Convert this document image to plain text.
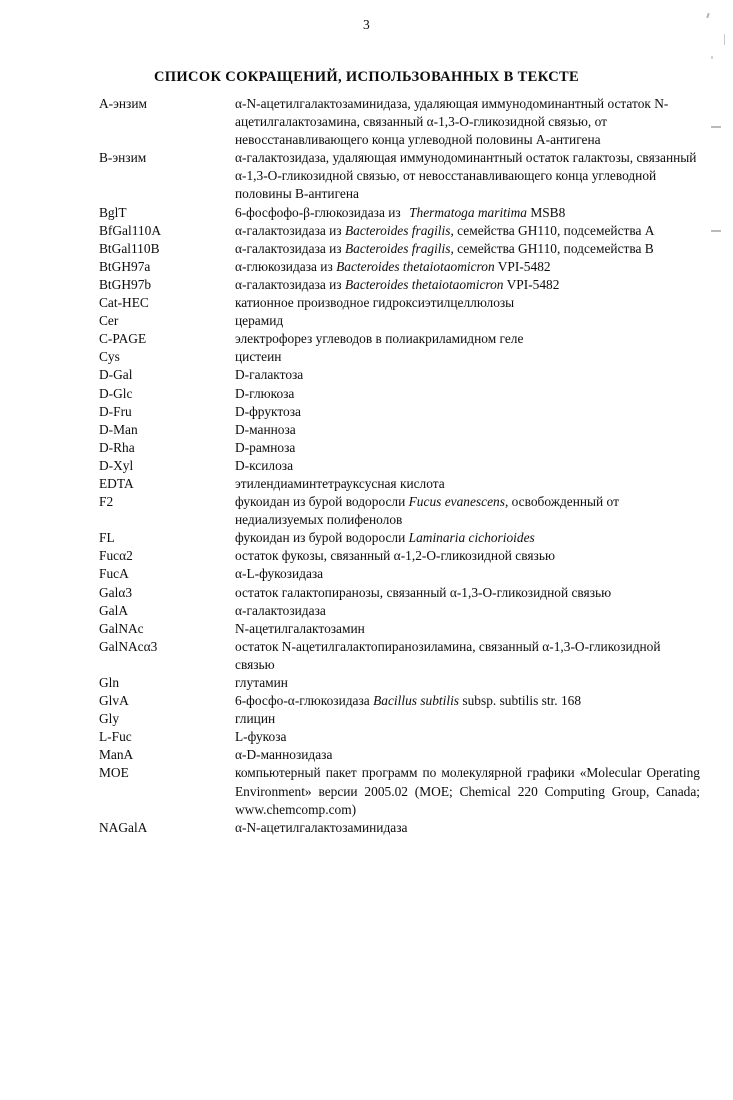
3
СПИСОК СОКРАЩЕНИЙ, ИСПОЛЬЗОВАННЫХ В ТЕКСТЕ
А-энзим	α-N-ацетилгалактозаминидаза, удаляющая иммунодоминантный остаток N-ацетилгалактозамина, связанный α-1,3-О-гликозидной связью, от невосстанавливающего конца углеводной половины А-антигена
В-энзим	α-галактозидаза, удаляющая иммунодоминантный остаток галактозы, связанный α-1,3-О-гликозидной связью, от невосстанавливающего конца углеводной половины В-антигена
BglT	6-фосфофо-β-глюкозидаза из Thermatoga maritima MSB8
BfGal110A	α-галактозидаза из Bacteroides fragilis, семейства GH110, подсемейства А
BtGal110B	α-галактозидаза из Bacteroides fragilis, семейства GH110, подсемейства В
BtGH97a	α-глюкозидаза из Bacteroides thetaiotaomicron VPI-5482
BtGH97b	α-галактозидаза из Bacteroides thetaiotaomicron VPI-5482
Cat-HEC	катионное производное гидроксиэтилцеллюлозы
Cer	церамид
C-PAGE	электрофорез углеводов в полиакриламидном геле
Cys	цистеин
D-Gal	D-галактоза
D-Glc	D-глюкоза
D-Fru	D-фруктоза
D-Man	D-манноза
D-Rha	D-рамноза
D-Xyl	D-ксилоза
EDTA	этилендиаминтетрауксусная кислота
F2	фукоидан из бурой водоросли Fucus evanescens, освобожденный от недиализуемых полифенолов
FL	фукоидан из бурой водоросли Laminaria cichorioides
Fucα2	остаток фукозы, связанный α-1,2-О-гликозидной связью
FucA	α-L-фукозидаза
Galα3	остаток галактопиранозы, связанный α-1,3-О-гликозидной связью
GalA	α-галактозидаза
GalNAc	N-ацетилгалактозамин
GalNAcα3	остаток N-ацетилгалактопиранозиламина, связанный α-1,3-О-гликозидной связью
Gln	глутамин
GlvA	6-фосфо-α-глюкозидаза Bacillus subtilis subsp. subtilis str. 168
Gly	глицин
L-Fuc	L-фукоза
ManA	α-D-маннозидаза
MOE	компьютерный пакет программ по молекулярной графики «Molecular Operating Environment» версии 2005.02 (MOE; Chemical 220 Computing Group, Canada; www.chemcomp.com)
NAGalA	α-N-ацетилгалактозаминидаза
